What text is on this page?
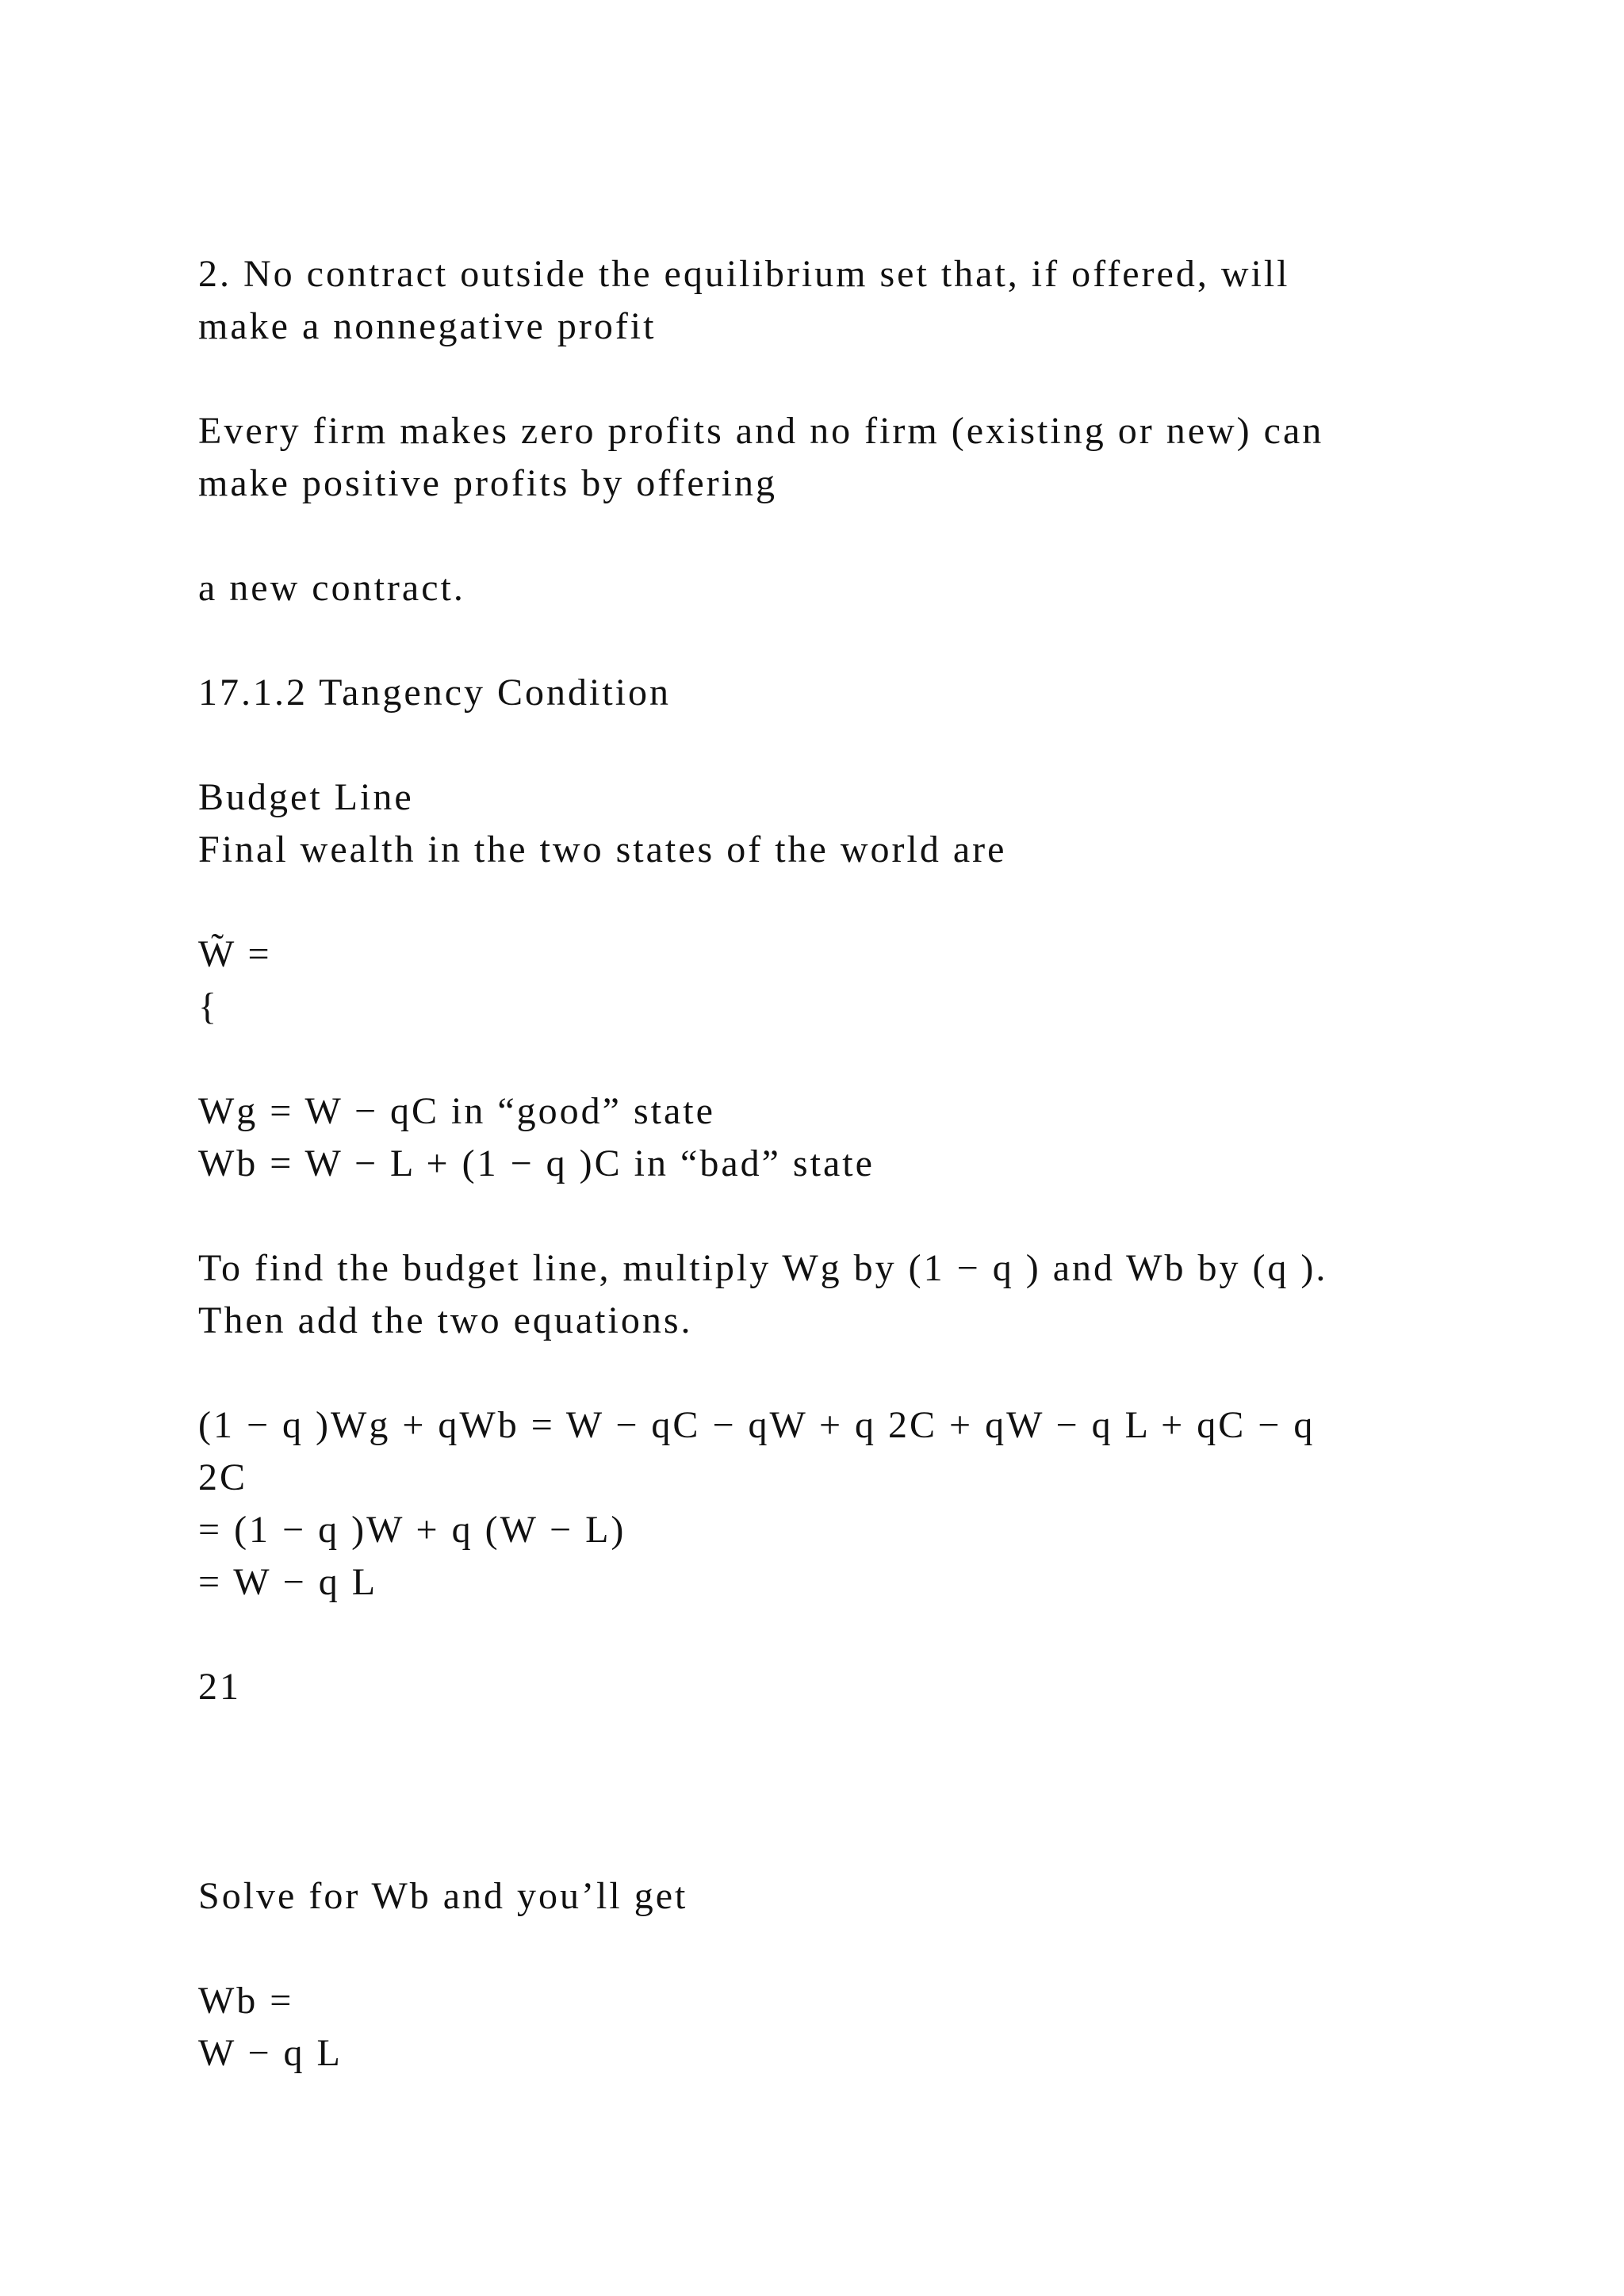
2. No contract outside the equilibrium set that, if offered, will
make a nonnegative profit
Every firm makes zero profits and no firm (existing or new) can
make positive profits by offering
a new contract.
17.1.2 Tangency Condition
Budget Line
Final wealth in the two states of the world are
W̃ =
{
Wg = W − qC in “good” state
Wb = W − L + (1 − q )C in “bad” state
To find the budget line, multiply Wg by (1 − q ) and Wb by (q ).
Then add the two equations.
(1 − q )Wg + qWb = W − qC − qW + q 2C + qW − q L + qC − q
2C
= (1 − q )W + q (W − L)
= W − q L
21
Solve for Wb and you’ll get
Wb =
W − q L
